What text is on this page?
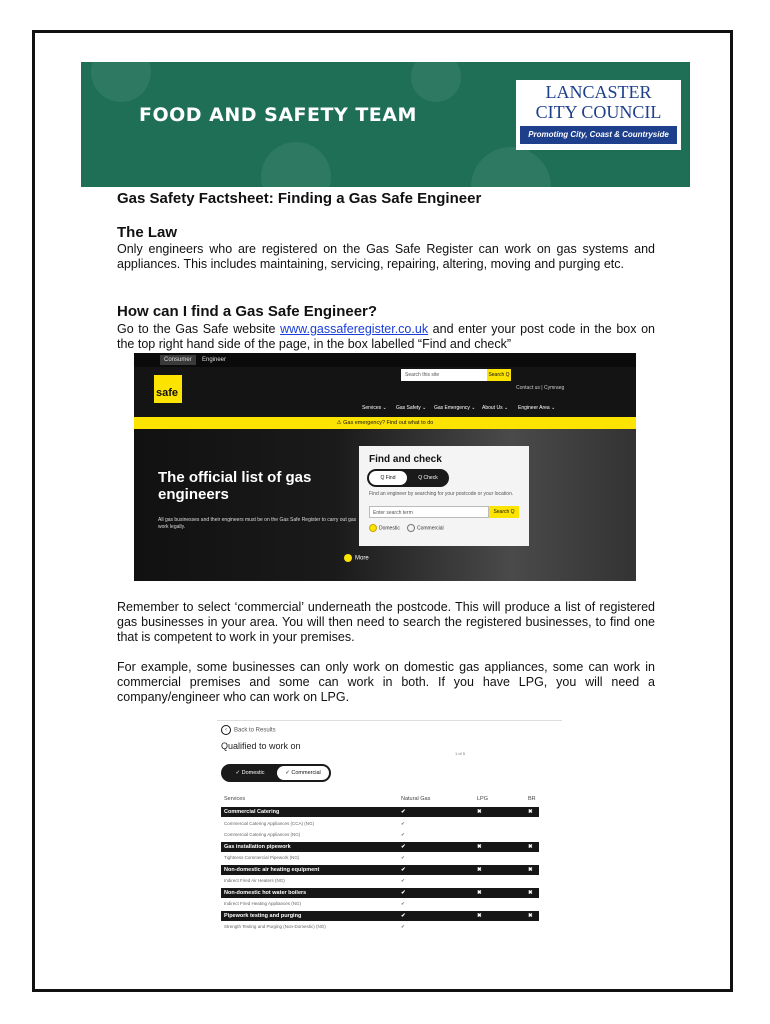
FOOD AND SAFETY TEAM
LANCASTER
CITY COUNCIL
Promoting City, Coast & Countryside
Gas Safety Factsheet: Finding a Gas Safe Engineer
The Law
Only engineers who are registered on the Gas Safe Register can work on gas systems and appliances. This includes maintaining, servicing, repairing, altering, moving and purging etc.
How can I find a Gas Safe Engineer?
Go to the Gas Safe website www.gassaferegister.co.uk and enter your post code in the box on the top right hand side of the page, in the box labelled “Find and check”
Consumer	Engineer
safe
Search this site	Search Q
Contact us | Cymraeg
Services ⌄ Gas Safety ⌄ Gas Emergency ⌄ About Us ⌄ Engineer Area ⌄
⚠ Gas emergency? Find out what to do
The official list of gas engineers
All gas businesses and their engineers must be on the Gas Safe Register to carry out gas work legally.
Find and check
Q Find	Q Check
Find an engineer by searching for your postcode or your location.
Enter search term	Search Q
Domestic	Commercial
More
Remember to select ‘commercial’ underneath the postcode. This will produce a list of registered gas businesses in your area. You will then need to search the registered businesses, to find one that is competent to work in your premises.
For example, some businesses can only work on domestic gas appliances, some can work in commercial premises and some can work in both. If you have LPG, you will need a company/engineer who can work on LPG.
‹ Back to Results
Qualified to work on
1 of 5
✓ Domestic	✓ Commercial
Services	Natural Gas	LPG	BR
Commercial Catering	✔	✖	✖
Commercial Catering Appliances (CCA) (NG)	✔
Commercial Catering Appliances (NG)	✔
Gas installation pipework	✔	✖	✖
Tightness Commercial Pipework (NG)	✔
Non-domestic air heating equipment	✔	✖	✖
Indirect Fired Air Heaters (NG)	✔
Non-domestic hot water boilers	✔	✖	✖
Indirect Fired Heating Appliances (NG)	✔
Pipework testing and purging	✔	✖	✖
Strength Testing and Purging (Non-Domestic) (NG)	✔
